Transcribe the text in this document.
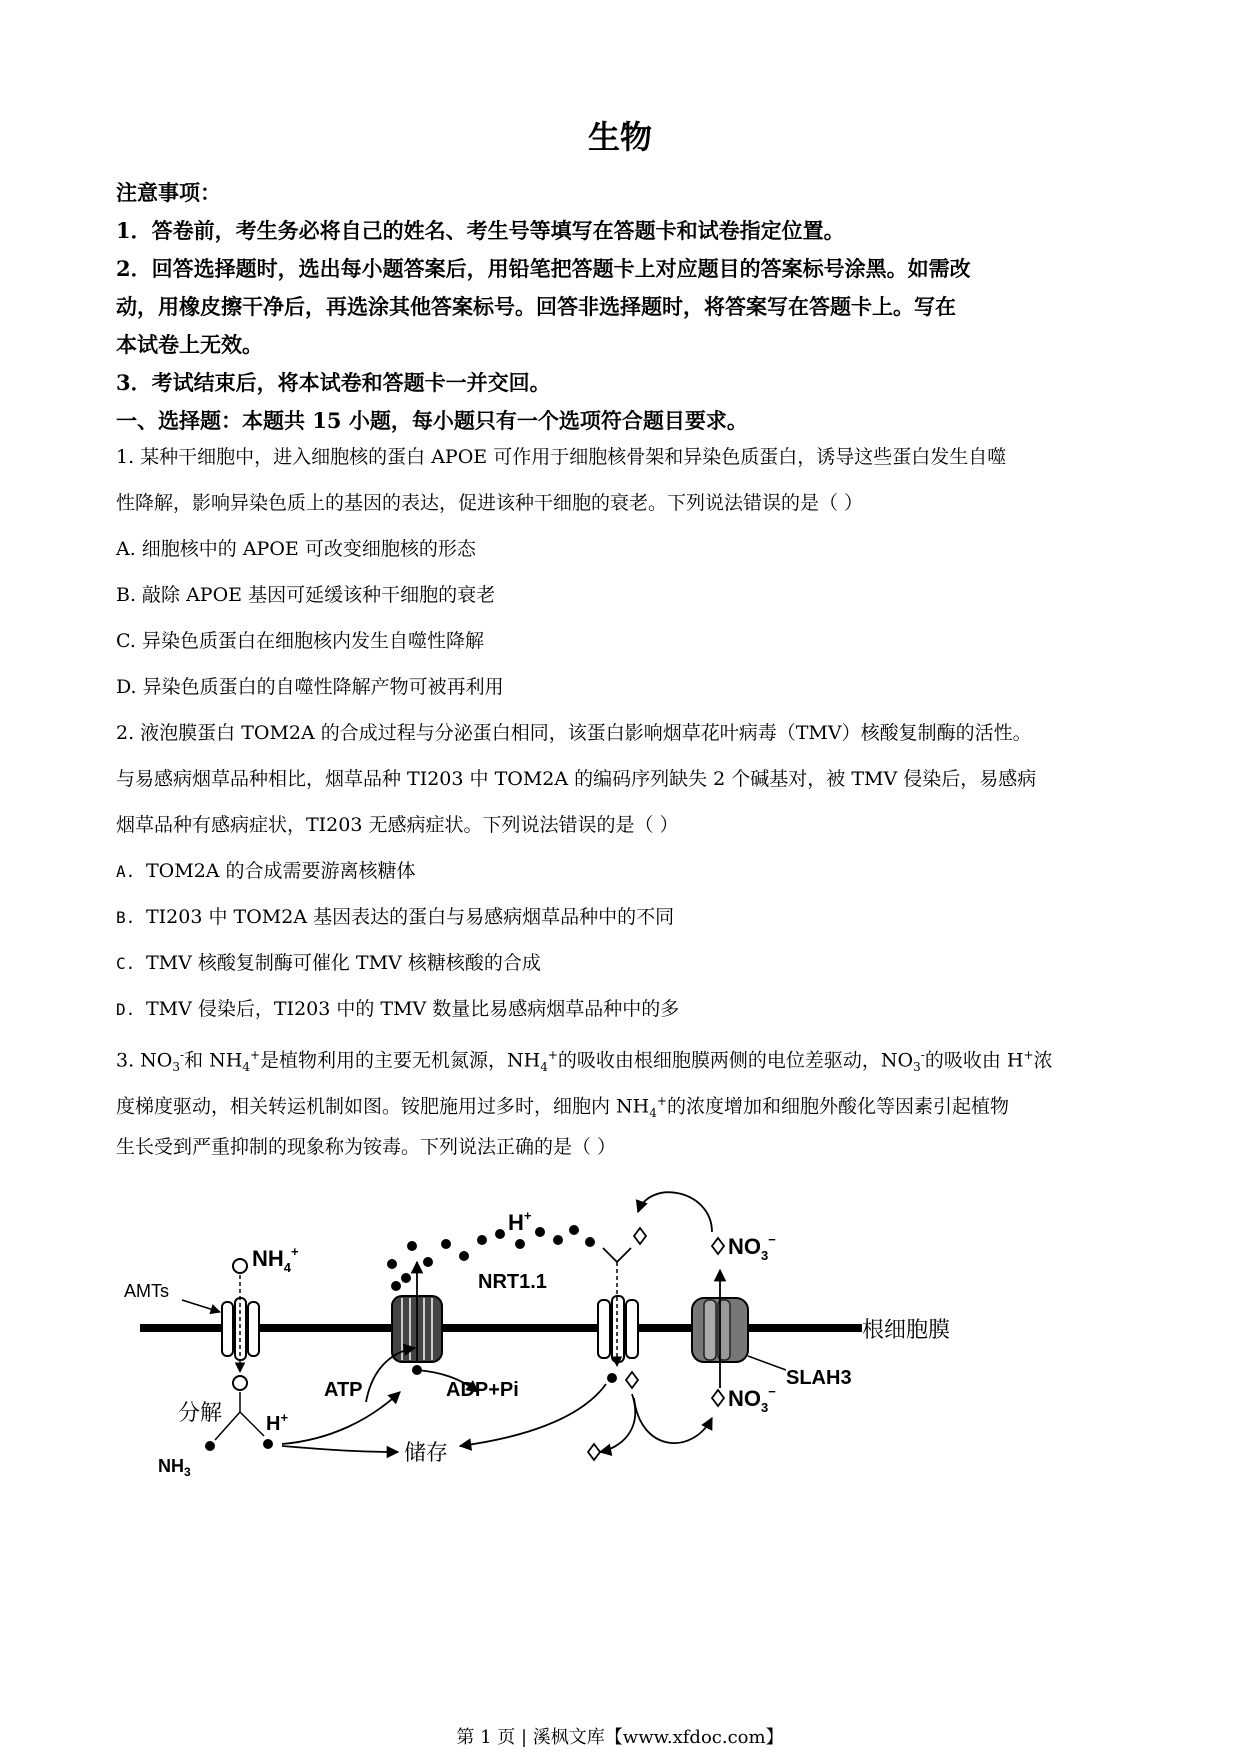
生物
注意事项：
1．答卷前，考生务必将自己的姓名、考生号等填写在答题卡和试卷指定位置。
2．回答选择题时，选出每小题答案后，用铅笔把答题卡上对应题目的答案标号涂黑。如需改
动，用橡皮擦干净后，再选涂其他答案标号。回答非选择题时，将答案写在答题卡上。写在
本试卷上无效。
3．考试结束后，将本试卷和答题卡一并交回。
一、选择题：本题共 15 小题，每小题只有一个选项符合题目要求。
1. 某种干细胞中，进入细胞核的蛋白 APOE 可作用于细胞核骨架和异染色质蛋白，诱导这些蛋白发生自噬
性降解，影响异染色质上的基因的表达，促进该种干细胞的衰老。下列说法错误的是（ ）
A. 细胞核中的 APOE 可改变细胞核的形态
B. 敲除 APOE 基因可延缓该种干细胞的衰老
C. 异染色质蛋白在细胞核内发生自噬性降解
D. 异染色质蛋白的自噬性降解产物可被再利用
2. 液泡膜蛋白 TOM2A 的合成过程与分泌蛋白相同，该蛋白影响烟草花叶病毒（TMV）核酸复制酶的活性。
与易感病烟草品种相比，烟草品种 TI203 中 TOM2A 的编码序列缺失 2 个碱基对，被 TMV 侵染后，易感病
烟草品种有感病症状，TI203 无感病症状。下列说法错误的是（ ）
A. TOM2A 的合成需要游离核糖体
B. TI203 中 TOM2A 基因表达的蛋白与易感病烟草品种中的不同
C. TMV 核酸复制酶可催化 TMV 核糖核酸的合成
D. TMV 侵染后，TI203 中的 TMV 数量比易感病烟草品种中的多
3. $NO_3^-$和 $NH_4^+$是植物利用的主要无机氮源，$NH_4^+$的吸收由根细胞膜两侧的电位差驱动，$NO_3^-$的吸收由 H+浓
度梯度驱动，相关转运机制如图。铵肥施用过多时，细胞内 $NH_4^+$的浓度增加和细胞外酸化等因素引起植物
生长受到严重抑制的现象称为铵毒。下列说法正确的是（ ）
根细胞膜
AMTs
$NH_4^+$
分解
$NH_3$
H+
ATP	ADP+Pi
储存
H+
NRT1.1
$NO_3^-$
SLAH3
$NO_3^-$
第 1 页 | 溪枫文库【www.xfdoc.com】
